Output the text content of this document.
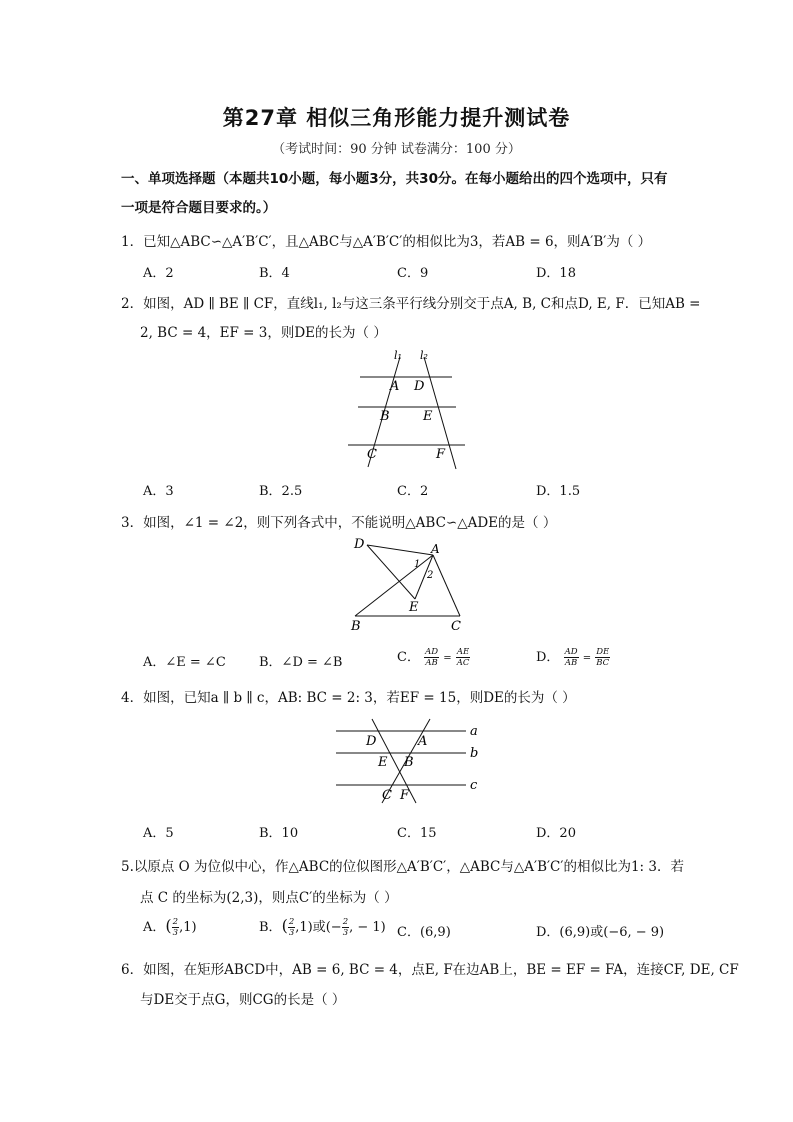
第27章 相似三角形能力提升测试卷
（考试时间：90 分钟 试卷满分：100 分）
一、单项选择题（本题共10小题，每小题3分，共30分。在每小题给出的四个选项中，只有
一项是符合题目要求的。）
1．已知△ABC∽△A′B′C′，且△ABC与△A′B′C′的相似比为3，若AB = 6，则A′B′为（ ）
A．2	B．4	C．9	D．18
2．如图，AD ∥ BE ∥ CF，直线l₁, l₂与这三条平行线分别交于点A, B, C和点D, E, F．已知AB =
2, BC = 4，EF = 3，则DE的长为（ ）
l₁ l₂
A D
B	E
C	F
A．3	B．2.5	C．2	D．1.5
3．如图，∠1 = ∠2，则下列各式中，不能说明△ABC∽△ADE的是（ ）
D	A
1
2
E
B	C
A．∠E = ∠C	B．∠D = ∠B	C． $\frac{AD}{AB} = \frac{AE}{AC}$	D． $\frac{AD}{AB} = \frac{DE}{BC}$
4．如图，已知a ∥ b ∥ c，AB: BC = 2: 3，若EF = 15，则DE的长为（ ）
a
b
c
D	A
E B
C F
A．5	B．10	C．15	D．20
5.以原点 O 为位似中心，作△ABC的位似图形△A′B′C′，△ABC与△A′B′C′的相似比为1: 3．若
点 C 的坐标为(2,3)，则点C′的坐标为（ ）
A．( $\frac{2}{3} ,1$)	B．( $\frac{2}{3} ,1$)或(− $\frac{2}{3}$ , − 1) C．(6,9)	D．(6,9)或(−6, − 9)
6．如图，在矩形ABCD中，AB = 6, BC = 4，点E, F在边AB上，BE = EF = FA，连接CF, DE, CF
与DE交于点G，则CG的长是（ ）
